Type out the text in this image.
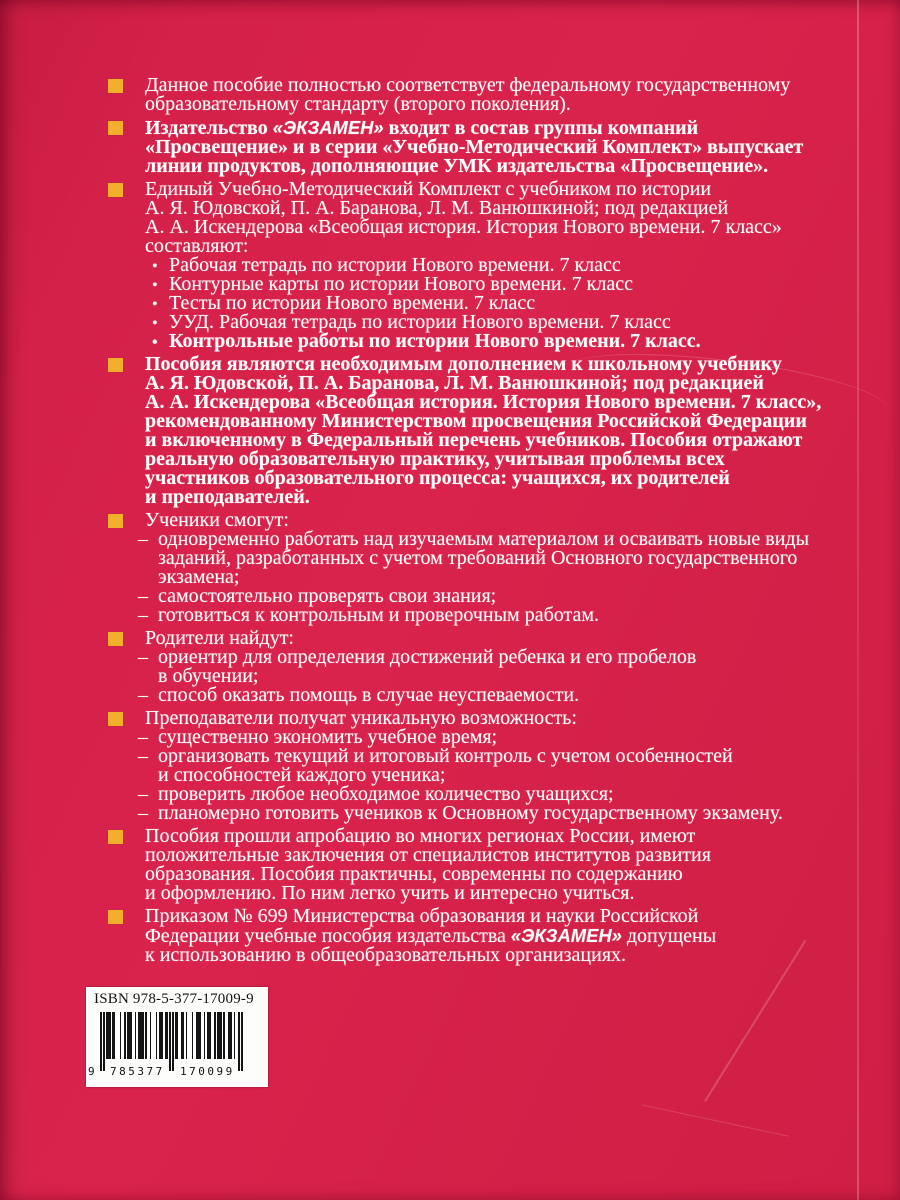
Данное пособие полностью соответствует федеральному государственному
образовательному стандарту (второго поколения).
Издательство «ЭКЗАМЕН» входит в состав группы компаний
«Просвещение» и в серии «Учебно-Методический Комплект» выпускает
линии продуктов, дополняющие УМК издательства «Просвещение».
Единый Учебно-Методический Комплект с учебником по истории
А. Я. Юдовской, П. А. Баранова, Л. М. Ванюшкиной; под редакцией
А. А. Искендерова «Всеобщая история. История Нового времени. 7 класс»
составляют:
• Рабочая тетрадь по истории Нового времени. 7 класс
• Контурные карты по истории Нового времени. 7 класс
• Тесты по истории Нового времени. 7 класс
• УУД. Рабочая тетрадь по истории Нового времени. 7 класс
• Контрольные работы по истории Нового времени. 7 класс.
Пособия являются необходимым дополнением к школьному учебнику
А. Я. Юдовской, П. А. Баранова, Л. М. Ванюшкиной; под редакцией
А. А. Искендерова «Всеобщая история. История Нового времени. 7 класс»,
рекомендованному Министерством просвещения Российской Федерации
и включенному в Федеральный перечень учебников. Пособия отражают
реальную образовательную практику, учитывая проблемы всех
участников образовательного процесса: учащихся, их родителей
и преподавателей.
Ученики смогут:
– одновременно работать над изучаемым материалом и осваивать новые виды
заданий, разработанных с учетом требований Основного государственного
экзамена;
– самостоятельно проверять свои знания;
– готовиться к контрольным и проверочным работам.
Родители найдут:
– ориентир для определения достижений ребенка и его пробелов
в обучении;
– способ оказать помощь в случае неуспеваемости.
Преподаватели получат уникальную возможность:
– существенно экономить учебное время;
– организовать текущий и итоговый контроль с учетом особенностей
и способностей каждого ученика;
– проверить любое необходимое количество учащихся;
– планомерно готовить учеников к Основному государственному экзамену.
Пособия прошли апробацию во многих регионах России, имеют
положительные заключения от специалистов институтов развития
образования. Пособия практичны, современны по содержанию
и оформлению. По ним легко учить и интересно учиться.
Приказом № 699 Министерства образования и науки Российской
Федерации учебные пособия издательства «ЭКЗАМЕН» допущены
к использованию в общеобразовательных организациях.
ISBN 978-5-377-17009-9
9 785377 170099
